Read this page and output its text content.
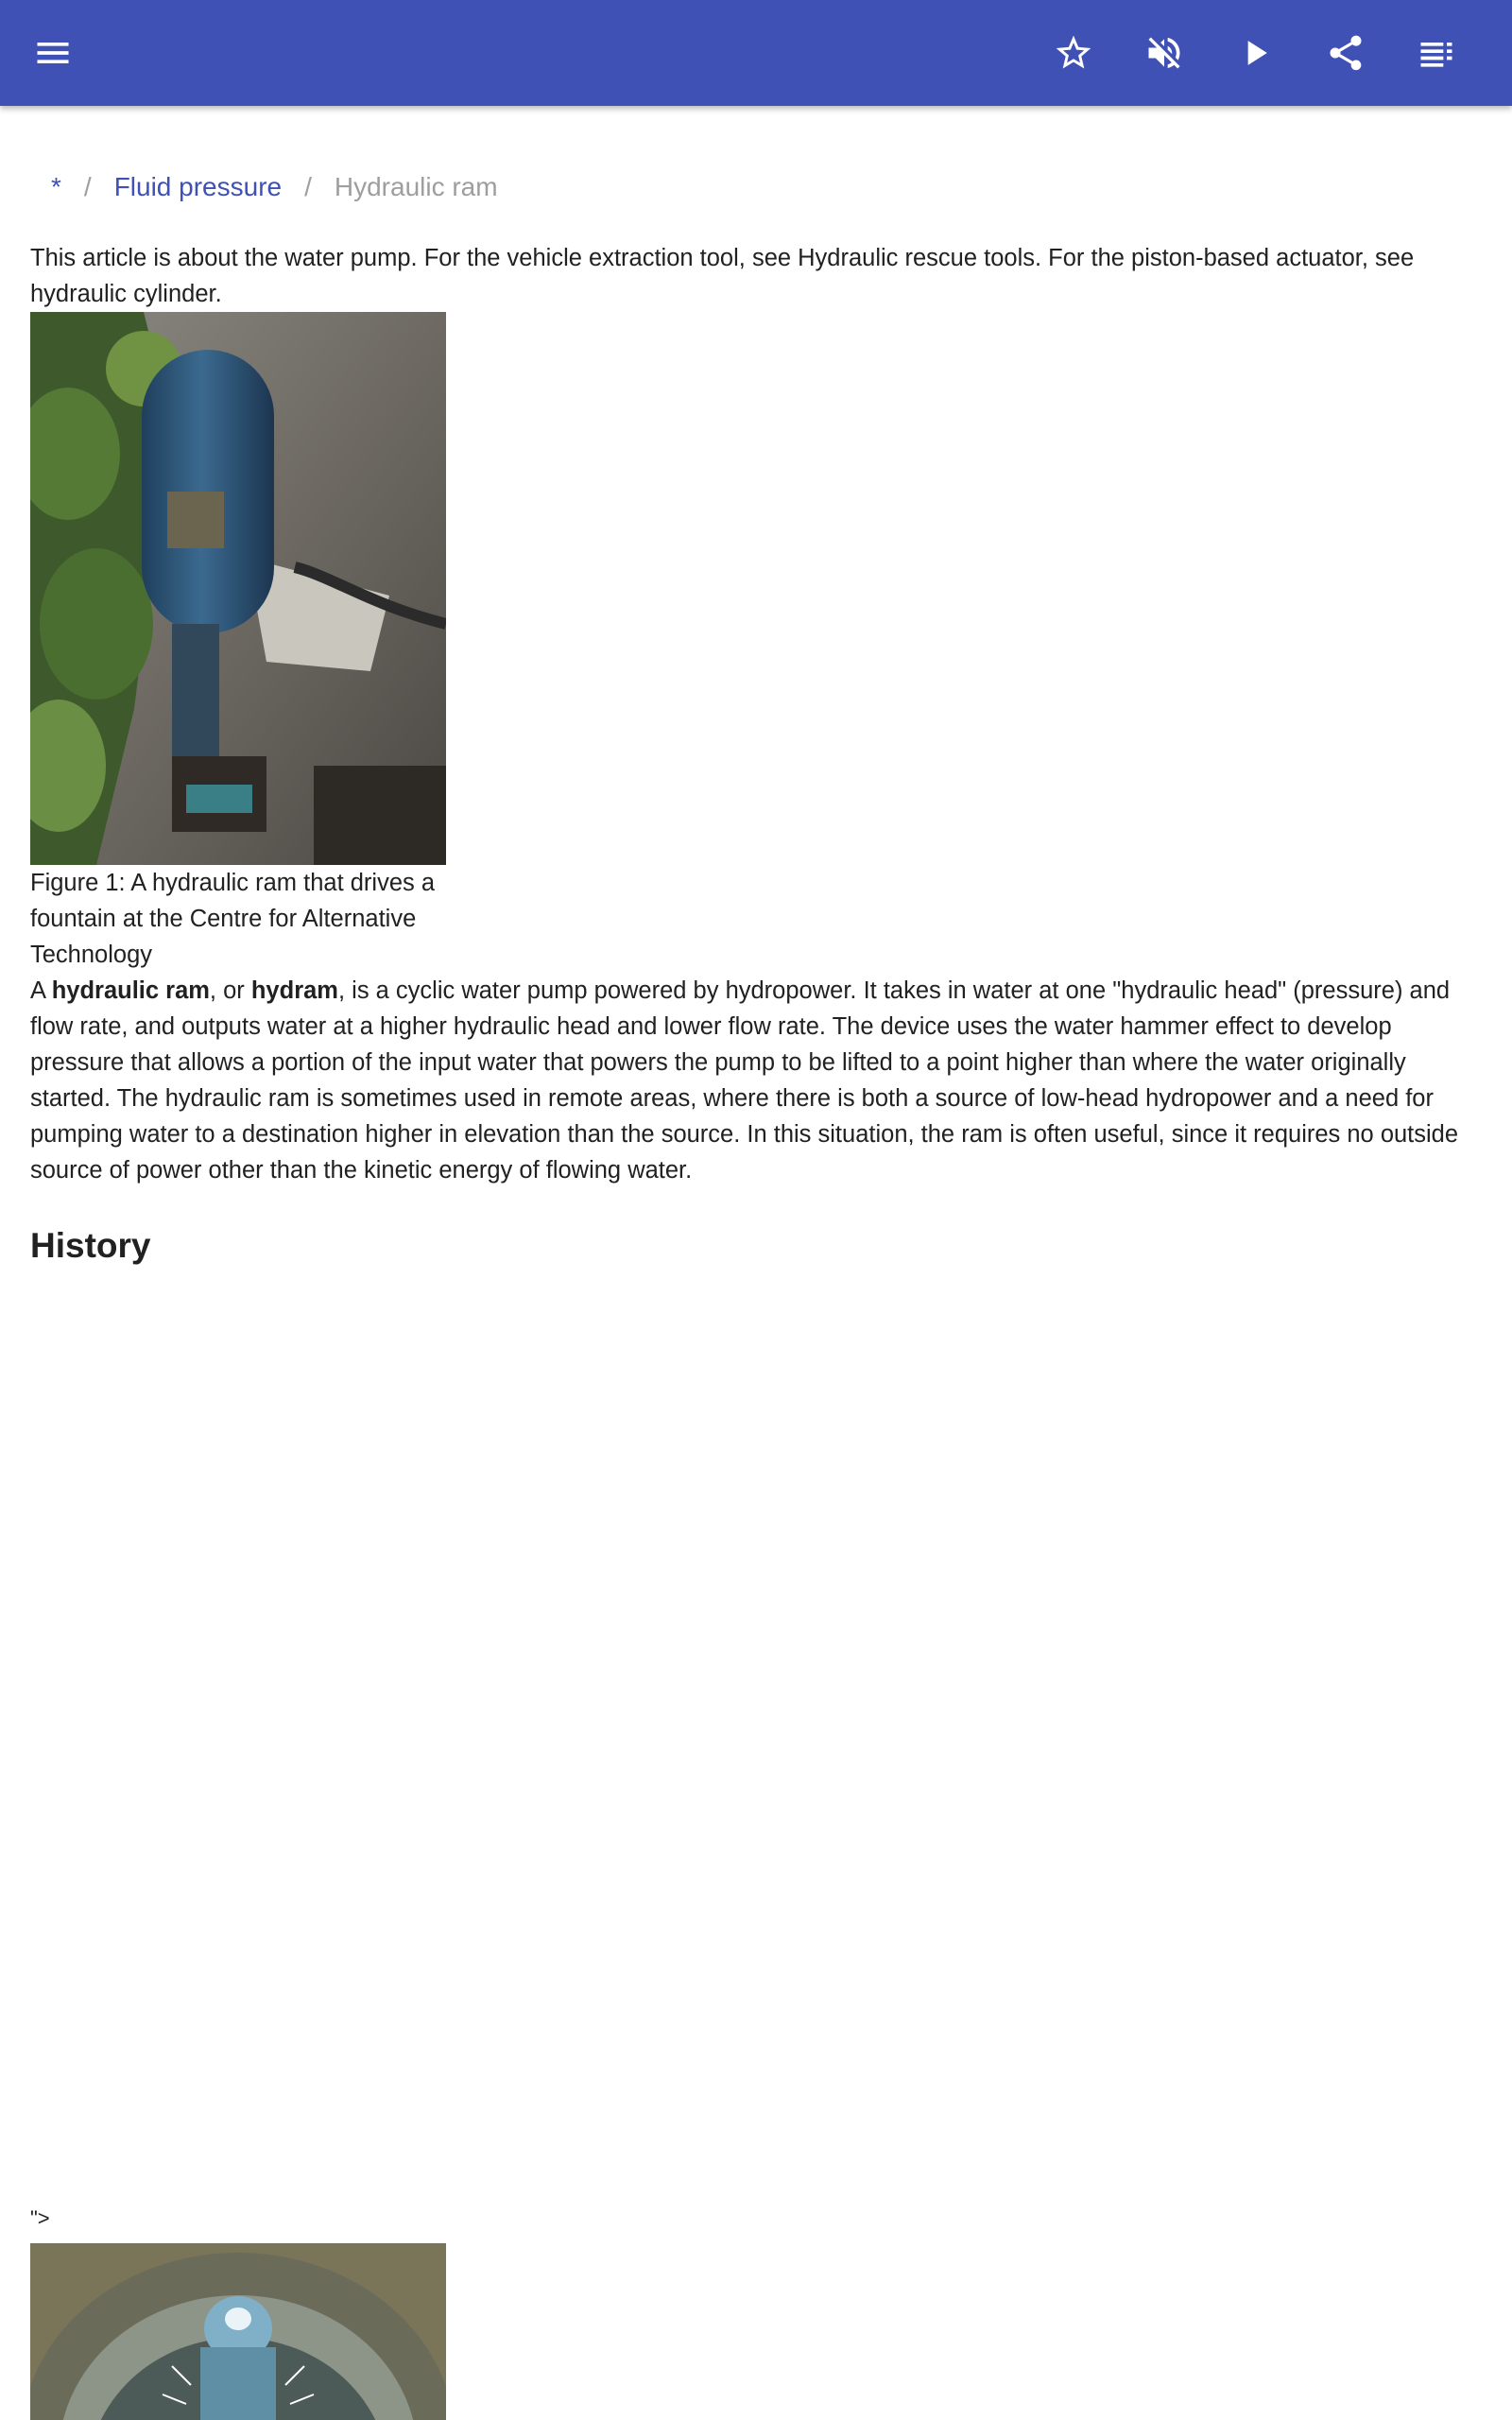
* / Fluid pressure / Hydraulic ram

This article is about the water pump. For the vehicle extraction tool, see Hydraulic rescue tools. For the piston-based actuator, see hydraulic cylinder.

Figure 1: A hydraulic ram that drives a fountain at the Centre for Alternative Technology

A hydraulic ram, or hydram, is a cyclic water pump powered by hydropower. It takes in water at one "hydraulic head" (pressure) and flow rate, and outputs water at a higher hydraulic head and lower flow rate. The device uses the water hammer effect to develop pressure that allows a portion of the input water that powers the pump to be lifted to a point higher than where the water originally started. The hydraulic ram is sometimes used in remote areas, where there is both a source of low-head hydropower and a need for pumping water to a destination higher in elevation than the source. In this situation, the ram is often useful, since it requires no outside source of power other than the kinetic energy of flowing water.

History
">
